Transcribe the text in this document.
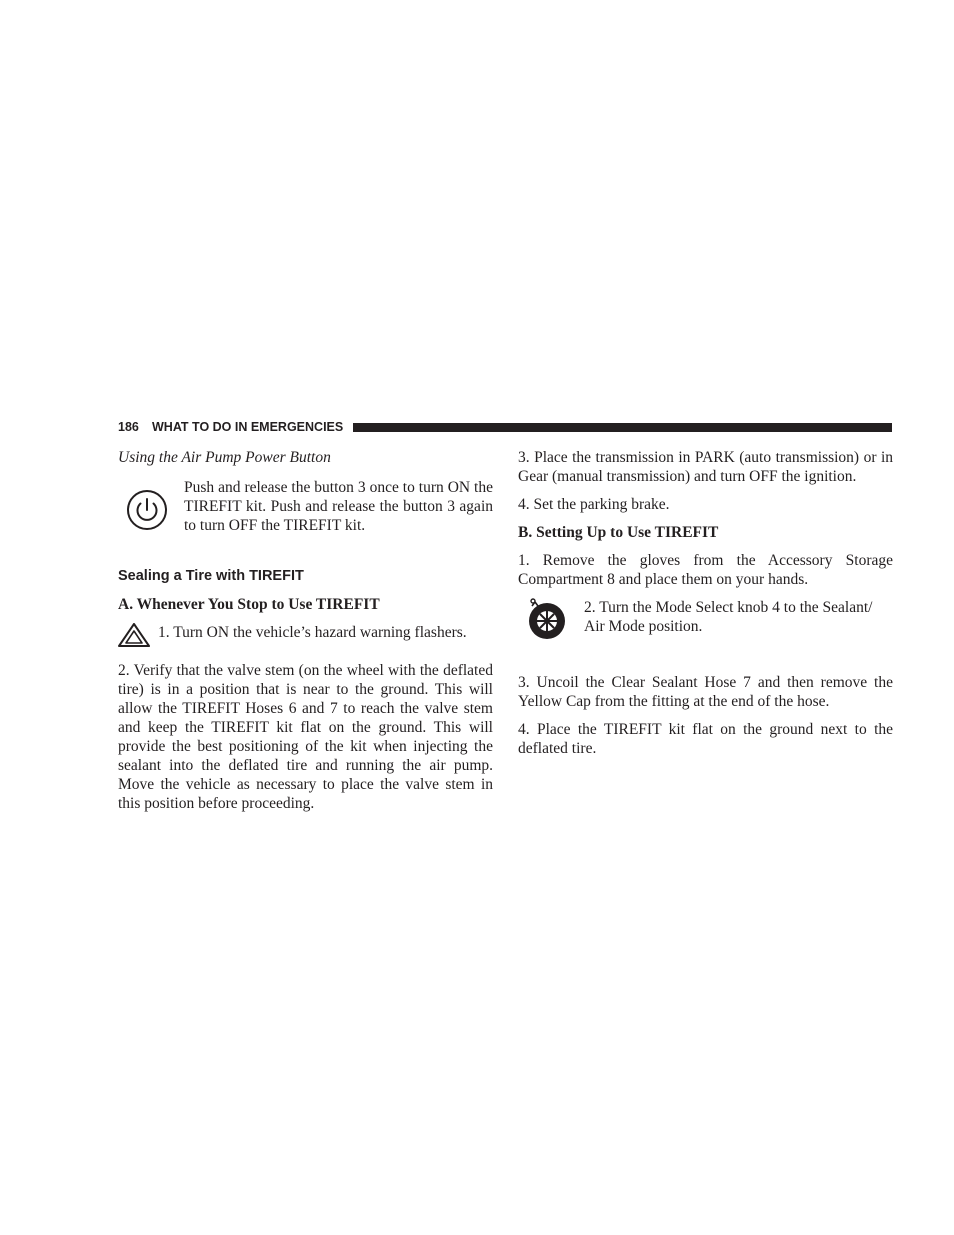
186 WHAT TO DO IN EMERGENCIES

Using the Air Pump Power Button

Push and release the button 3 once to turn ON the TIREFIT kit. Push and release the button 3 again to turn OFF the TIREFIT kit.

Sealing a Tire with TIREFIT

A. Whenever You Stop to Use TIREFIT

1. Turn ON the vehicle’s hazard warning flashers.

2. Verify that the valve stem (on the wheel with the deflated tire) is in a position that is near to the ground. This will allow the TIREFIT Hoses 6 and 7 to reach the valve stem and keep the TIREFIT kit flat on the ground. This will provide the best positioning of the kit when injecting the sealant into the deflated tire and running the air pump. Move the vehicle as necessary to place the valve stem in this position before proceeding.

3. Place the transmission in PARK (auto transmission) or in Gear (manual transmission) and turn OFF the ignition.

4. Set the parking brake.

B. Setting Up to Use TIREFIT

1. Remove the gloves from the Accessory Storage Compartment 8 and place them on your hands.

2. Turn the Mode Select knob 4 to the Sealant/ Air Mode position.

3. Uncoil the Clear Sealant Hose 7 and then remove the Yellow Cap from the fitting at the end of the hose.

4. Place the TIREFIT kit flat on the ground next to the deflated tire.
